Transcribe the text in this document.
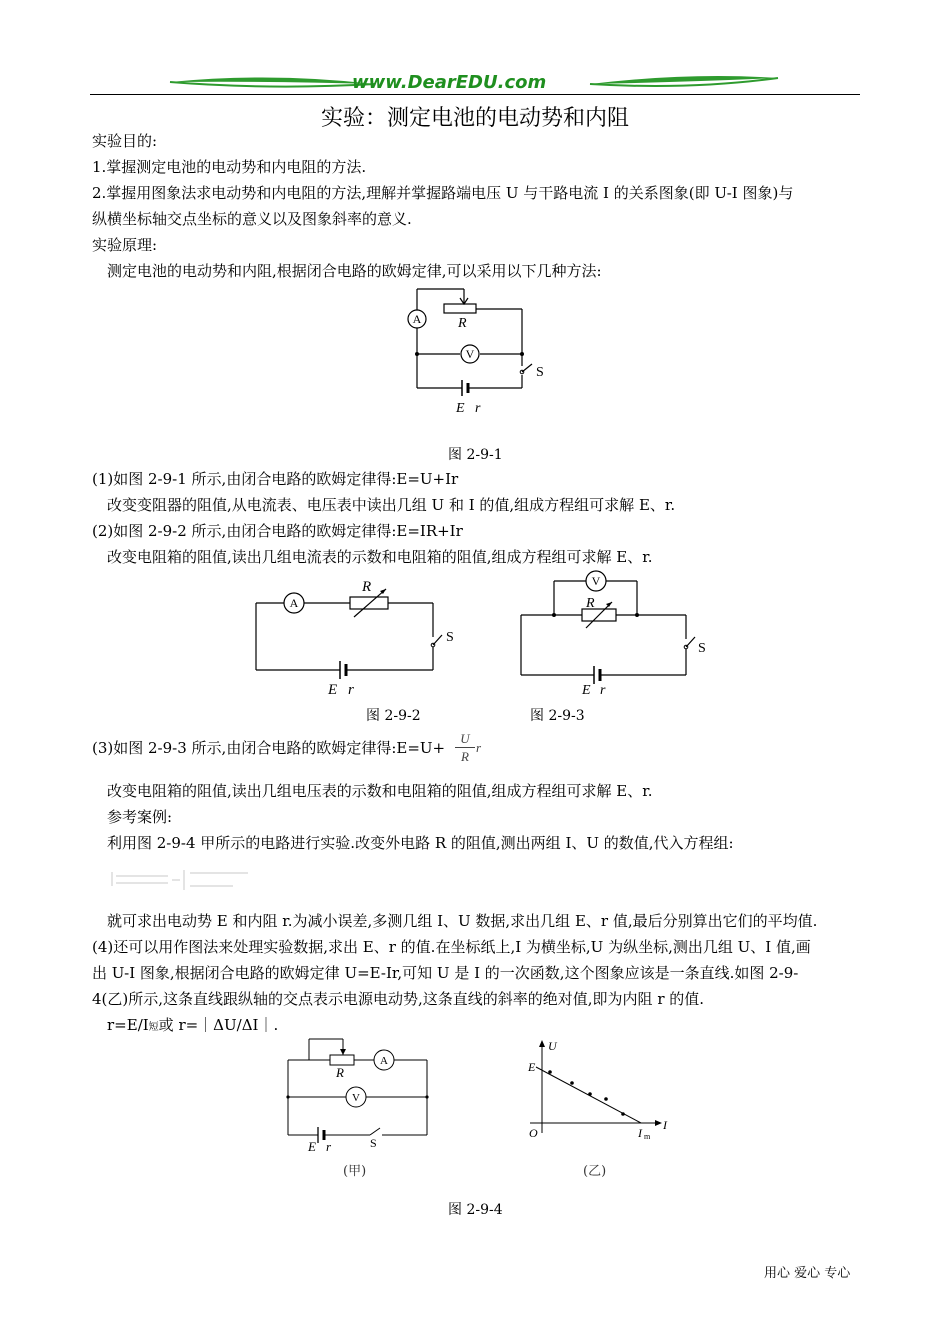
www.DearEDU.com
实验：测定电池的电动势和内阻
实验目的:
1.掌握测定电池的电动势和内电阻的方法.
2.掌握用图象法求电动势和内电阻的方法,理解并掌握路端电压 U 与干路电流 I 的关系图象(即 U-I 图象)与
纵横坐标轴交点坐标的意义以及图象斜率的意义.
实验原理:
测定电池的电动势和内阻,根据闭合电路的欧姆定律,可以采用以下几种方法:
A
V
R
S
E r
图 2-9-1
(1)如图 2-9-1 所示,由闭合电路的欧姆定律得:E=U+Ir
改变变阻器的阻值,从电流表、电压表中读出几组 U 和 I 的值,组成方程组可求解 E、r.
(2)如图 2-9-2 所示,由闭合电路的欧姆定律得:E=IR+Ir
改变电阻箱的阻值,读出几组电流表的示数和电阻箱的阻值,组成方程组可求解 E、r.
A
R
S
E r
图 2-9-2
V
R
S
E r
图 2-9-3
(3)如图 2-9-3 所示,由闭合电路的欧姆定律得:E=U+
U
R
r
改变电阻箱的阻值,读出几组电压表的示数和电阻箱的阻值,组成方程组可求解 E、r.
参考案例:
利用图 2-9-4 甲所示的电路进行实验.改变外电路 R 的阻值,测出两组 I、U 的数值,代入方程组:
就可求出电动势 E 和内阻 r.为减小误差,多测几组 I、U 数据,求出几组 E、r 值,最后分别算出它们的平均值.
(4)还可以用作图法来处理实验数据,求出 E、r 的值.在坐标纸上,I 为横坐标,U 为纵坐标,测出几组 U、I 值,画
出 U-I 图象,根据闭合电路的欧姆定律 U=E-Ir,可知 U 是 I 的一次函数,这个图象应该是一条直线.如图 2-9-
4(乙)所示,这条直线跟纵轴的交点表示电源电动势,这条直线的斜率的绝对值,即为内阻 r 的值.
r=E/I短或 r=｜ΔU/ΔI｜.
A
V
R
S
E r
(甲)
U
I
E
O	I m
(乙)
图 2-9-4
用心 爱心 专心
